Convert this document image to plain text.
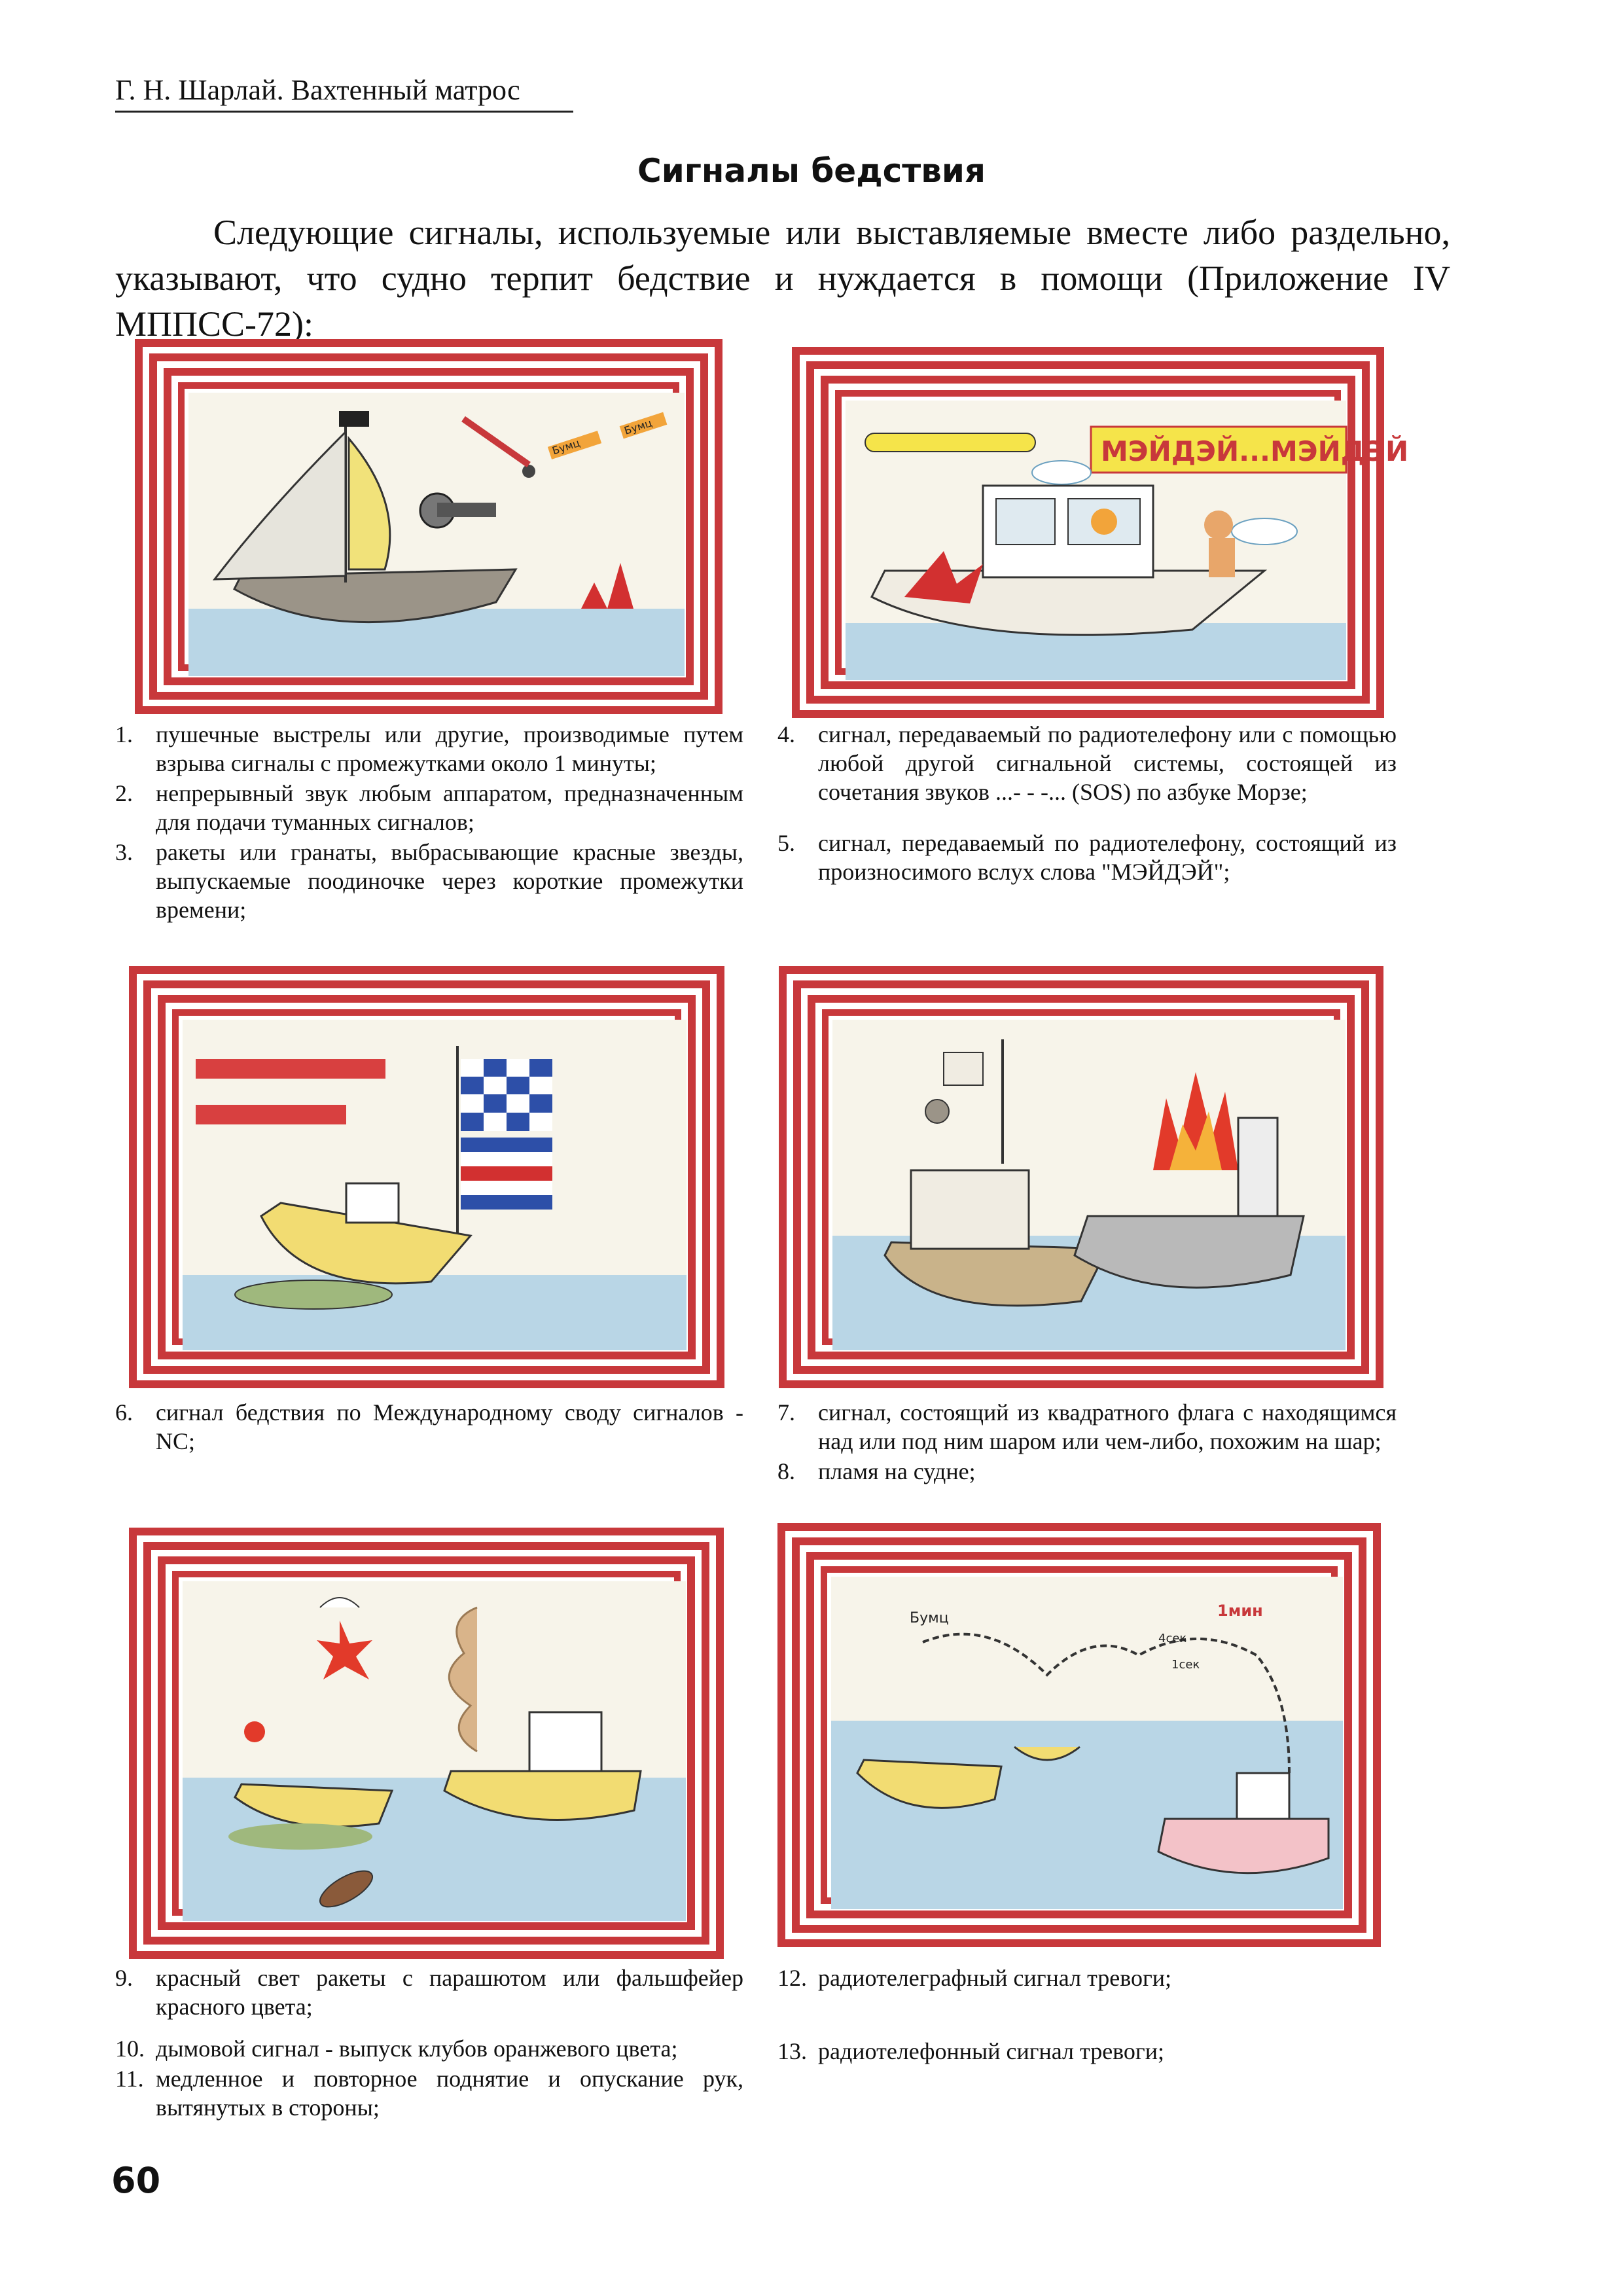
Г. Н. Шарлай. Вахтенный матрос
Сигналы бедствия
Следующие сигналы, используемые или выставляемые вместе либо раздельно, указывают, что судно терпит бедствие и нуждается в помощи (Приложение IV МППСС-72):
Бумц
Бумц
МЭЙДЭЙ...МЭЙДЭЙ
Бумц	1мин
4сек
1сек
1. пушечные выстрелы или другие, производимые путем взрыва сигналы с промежутками около 1 минуты;
2. непрерывный звук любым аппаратом, предназначенным для подачи туманных сигналов;
3. ракеты или гранаты, выбрасывающие красные звезды, выпускаемые поодиночке через короткие промежутки времени;
4. сигнал, передаваемый по радиотелефону или с помощью любой другой сигнальной системы, состоящей из сочетания звуков ...- - -... (SOS) по азбуке Морзе;
5. сигнал, передаваемый по радиотелефону, состоящий из произносимого вслух слова "МЭЙДЭЙ";
6. сигнал бедствия по Международному своду сигналов - NC;
7. сигнал, состоящий из квадратного флага с находящимся над или под ним шаром или чем-либо, похожим на шар;
8. пламя на судне;
9. красный свет ракеты с парашютом или фальшфейер красного цвета;
10. дымовой сигнал - выпуск клубов оранжевого цвета;
11. медленное и повторное поднятие и опускание рук, вытянутых в стороны;
12. радиотелеграфный сигнал тревоги;
13. радиотелефонный сигнал тревоги;
60
